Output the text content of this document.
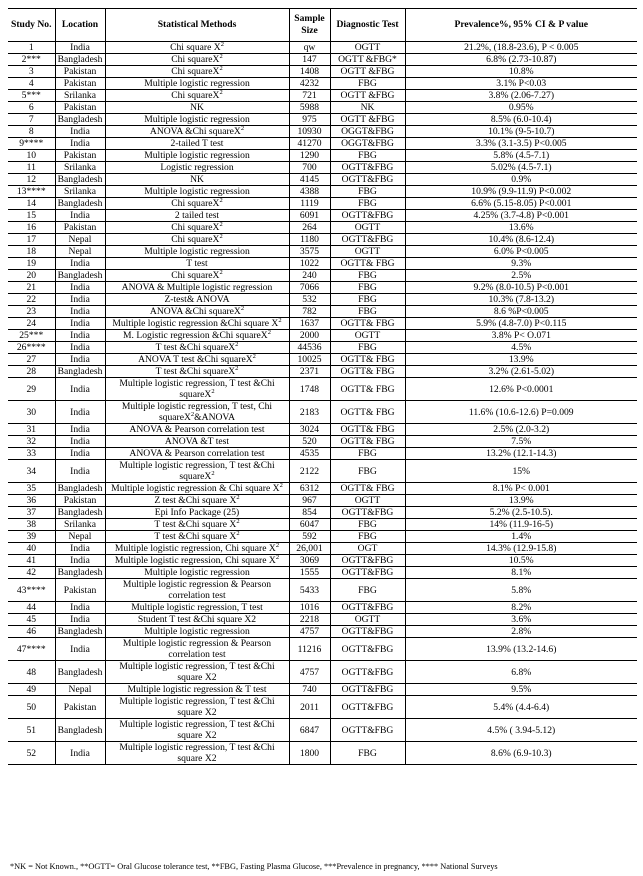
Study No.	Location	Statistical Methods	Sample Size	Diagnostic Test	Prevalence%, 95% CI & P value
1	India	Chi square $X^2$	qw	OGTT	21.2%, (18.8-23.6), P < 0.005
2***	Bangladesh	Chi squareX$^2$	147	OGTT &FBG*	6.8% (2.73-10.87)
3	Pakistan	Chi squareX$^2$	1408	OGTT &FBG	10.8%
4	Pakistan	Multiple logistic regression	4232	FBG	3.1% P<0.03
5***	Srilanka	Chi squareX$^2$	721	OGTT &FBG	3.8% (2.06-7.27)
6	Pakistan	NK	5988	NK	0.95%
7	Bangladesh	Multiple logistic regression	975	OGTT &FBG	8.5% (6.0-10.4)
8	India	ANOVA &Chi squareX$^2$	10930	OGGT&FBG	10.1% (9-5-10.7)
9****	India	2-tailed T test	41270	OGGT&FBG	3.3% (3.1-3.5) P<0.005
10	Pakistan	Multiple logistic regression	1290	FBG	5.8% (4.5-7.1)
11	Srilanka	Logistic regression	700	OGTT&FBG	5.02% (4.5-7.1)
12	Bangladesh	NK	4145	OGTT&FBG	0.9%
13****	Srilanka	Multiple logistic regression	4388	FBG	10.9% (9.9-11.9) P<0.002
14	Bangladesh	Chi squareX$^2$	1119	FBG	6.6% (5.15-8.05) P<0.001
15	India	2 tailed test	6091	OGTT&FBG	4.25% (3.7-4.8) P<0.001
16	Pakistan	Chi squareX$^2$	264	OGTT	13.6%
17	Nepal	Chi squareX$^2$	1180	OGTT&FBG	10.4% (8.6-12.4)
18	Nepal	Multiple logistic regression	3575	OGTT	6.0% P<0.005
19	India	T test	1022	OGTT& FBG	9.3%
20	Bangladesh	Chi squareX$^2$	240	FBG	2.5%
21	India	ANOVA & Multiple logistic regression	7066	FBG	9.2% (8.0-10.5) P<0.001
22	India	Z-test& ANOVA	532	FBG	10.3% (7.8-13.2)
23	India	ANOVA &Chi squareX$^2$	782	FBG	8.6 %P<0.005
24	India	Multiple logistic regression &Chi square $X^2$	1637	OGTT& FBG	5.9% (4.8-7.0) P<0.115
25***	India	M. Logistic regression &Chi squareX$^2$	2000	OGTT	3.8% P< O.071
26****	India	T test &Chi squareX$^2$	44536	FBG	4.5%
27	India	ANOVA T test &Chi squareX$^2$	10025	OGTT& FBG	13.9%
28	Bangladesh	T test &Chi squareX$^2$	2371	OGTT& FBG	3.2% (2.61-5.02)
29	India	Multiple logistic regression, T test &Chi squareX$^2$	1748	OGTT& FBG	12.6% P<0.0001
30	India	Multiple logistic regression, T test, Chi squareX$^2$&ANOVA	2183	OGTT& FBG	11.6% (10.6-12.6) P=0.009
31	India	ANOVA & Pearson correlation test	3024	OGTT& FBG	2.5% (2.0-3.2)
32	India	ANOVA &T test	520	OGTT& FBG	7.5%
33	India	ANOVA & Pearson correlation test	4535	FBG	13.2% (12.1-14.3)
34	India	Multiple logistic regression, T test &Chi squareX$^2$	2122	FBG	15%
35	Bangladesh	Multiple logistic regression & Chi square $X^2$	6312	OGTT& FBG	8.1% P< 0.001
36	Pakistan	Z test &Chi square $X^2$	967	OGTT	13.9%
37	Bangladesh	Epi Info Package (25)	854	OGTT&FBG	5.2% (2.5-10.5).
38	Srilanka	T test &Chi square $X^2$	6047	FBG	14% (11.9-16-5)
39	Nepal	T test &Chi square $X^2$	592	FBG	1.4%
40	India	Multiple logistic regression, Chi square $X^2$	26,001	OGT	14.3% (12.9-15.8)
41	India	Multiple logistic regression, Chi square $X^2$	3069	OGTT&FBG	10.5%
42	Bangladesh	Multiple logistic regression	1555	OGTT&FBG	8.1%
43****	Pakistan	Multiple logistic regression & Pearson correlation test	5433	FBG	5.8%
44	India	Multiple logistic regression, T test	1016	OGTT&FBG	8.2%
45	India	Student T test &Chi square X2	2218	OGTT	3.6%
46	Bangladesh	Multiple logistic regression	4757	OGTT&FBG	2.8%
47****	India	Multiple logistic regression & Pearson correlation test	11216	OGTT&FBG	13.9% (13.2-14.6)
48	Bangladesh	Multiple logistic regression, T test &Chi square X2	4757	OGTT&FBG	6.8%
49	Nepal	Multiple logistic regression & T test	740	OGTT&FBG	9.5%
50	Pakistan	Multiple logistic regression, T test &Chi square X2	2011	OGTT&FBG	5.4% (4.4-6.4)
51	Bangladesh	Multiple logistic regression, T test &Chi square X2	6847	OGTT&FBG	4.5% ( 3.94-5.12)
52	India	Multiple logistic regression, T test &Chi square X2	1800	FBG	8.6% (6.9-10.3)
*NK = Not Known., **OGTT= Oral Glucose tolerance test, **FBG, Fasting Plasma Glucose, ***Prevalence in pregnancy, **** National Surveys
